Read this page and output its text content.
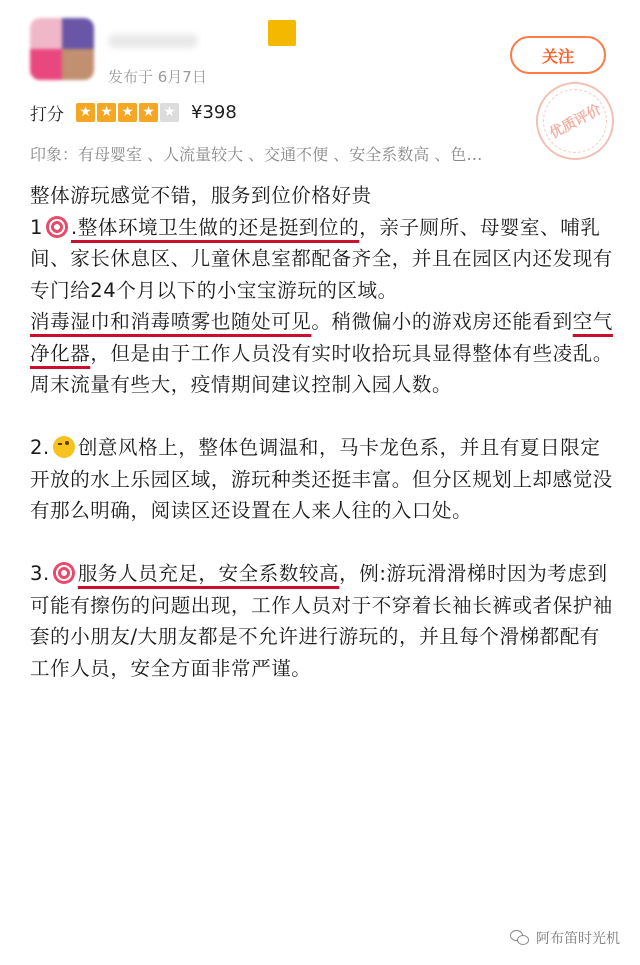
发布于 6月7日
关注
打分 ★ ★ ★ ★ ★ ¥398
印象：有母婴室 、人流量较大 、交通不便 、安全系数高 、色…
优质评价

整体游玩感觉不错，服务到位价格好贵

1 .整体环境卫生做的还是挺到位的，亲子厕所、母婴室、哺乳间、家长休息区、儿童休息室都配备齐全，并且在园区内还发现有专门给24个月以下的小宝宝游玩的区域。

消毒湿巾和消毒喷雾也随处可见。稍微偏小的游戏房还能看到空气净化器，但是由于工作人员没有实时收拾玩具显得整体有些凌乱。

周末流量有些大，疫情期间建议控制入园人数。

2. 创意风格上，整体色调温和，马卡龙色系，并且有夏日限定开放的水上乐园区域，游玩种类还挺丰富。但分区规划上却感觉没有那么明确，阅读区还设置在人来人往的入口处。

3. 服务人员充足，安全系数较高，例:游玩滑滑梯时因为考虑到可能有擦伤的问题出现，工作人员对于不穿着长袖长裤或者保护袖套的小朋友/大朋友都是不允许进行游玩的，并且每个滑梯都配有工作人员，安全方面非常严谨。

阿布笛时光机
